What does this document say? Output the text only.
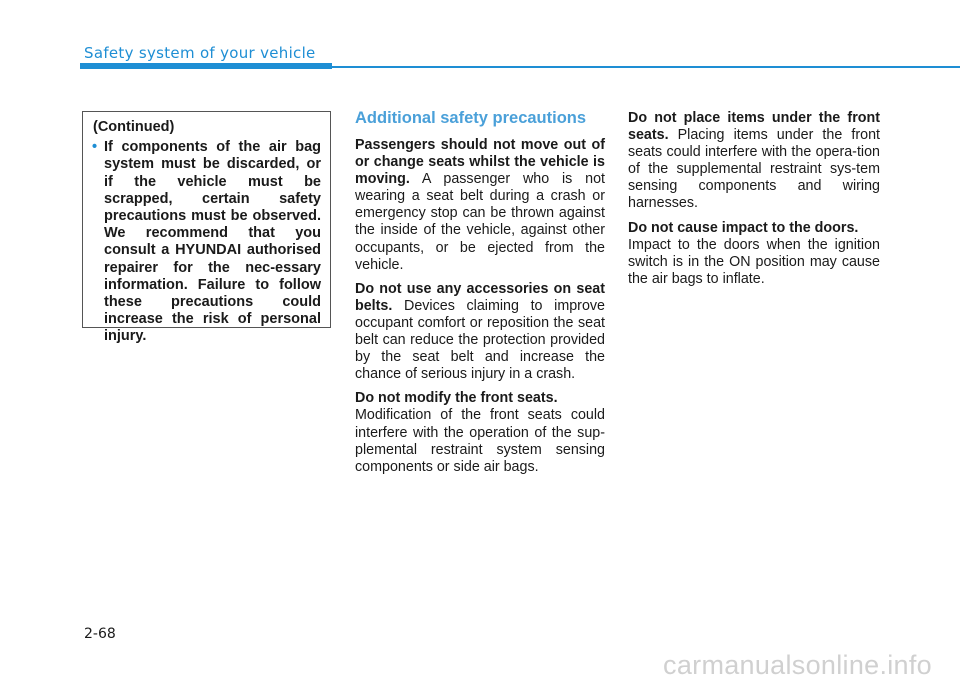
Safety system of your vehicle
(Continued)
• If components of the air bag system must be discarded, or if the vehicle must be scrapped, certain safety precautions must be observed. We recommend that you consult a HYUNDAI authorised repairer for the nec-essary information. Failure to follow these precautions could increase the risk of personal injury.
Additional safety precautions

Passengers should not move out of or change seats whilst the vehicle is moving. A passenger who is not wearing a seat belt during a crash or emergency stop can be thrown against the inside of the vehicle, against other occupants, or be ejected from the vehicle.

Do not use any accessories on seat belts. Devices claiming to improve occupant comfort or reposition the seat belt can reduce the protection provided by the seat belt and increase the chance of serious injury in a crash.

Do not modify the front seats.
Modification of the front seats could interfere with the operation of the sup-plemental restraint system sensing components or side air bags.

Do not place items under the front seats. Placing items under the front seats could interfere with the opera-tion of the supplemental restraint sys-tem sensing components and wiring harnesses.

Do not cause impact to the doors.
Impact to the doors when the ignition switch is in the ON position may cause the air bags to inflate.

2-68
carmanualsonline.info
